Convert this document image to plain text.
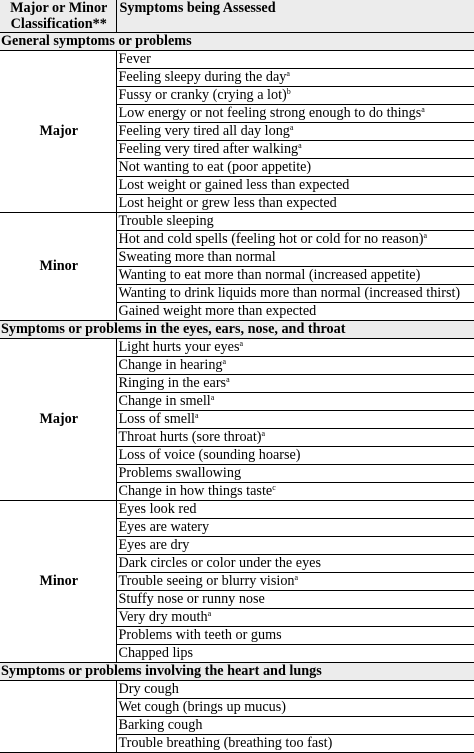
Major or Minor
Classification**	Symptoms being Assessed
General symptoms or problems	
Major	Fever
	Feeling sleepy during the day$^a$
	Fussy or cranky (crying a lot)$^b$
	Low energy or not feeling strong enough to do things$^a$
	Feeling very tired all day long$^a$
	Feeling very tired after walking$^a$
	Not wanting to eat (poor appetite)
	Lost weight or gained less than expected
	Lost height or grew less than expected
Minor	Trouble sleeping
	Hot and cold spells (feeling hot or cold for no reason)$^a$
	Sweating more than normal
	Wanting to eat more than normal (increased appetite)
	Wanting to drink liquids more than normal (increased thirst)
	Gained weight more than expected
Symptoms or problems in the eyes, ears, nose, and throat	
Major	Light hurts your eyes$^a$
	Change in hearing$^a$
	Ringing in the ears$^a$
	Change in smell$^a$
	Loss of smell$^a$
	Throat hurts (sore throat)$^a$
	Loss of voice (sounding hoarse)
	Problems swallowing
	Change in how things taste$^c$
Minor	Eyes look red
	Eyes are watery
	Eyes are dry
	Dark circles or color under the eyes
	Trouble seeing or blurry vision$^a$
	Stuffy nose or runny nose
	Very dry mouth$^a$
	Problems with teeth or gums
	Chapped lips
Symptoms or problems involving the heart and lungs	
	Dry cough
	Wet cough (brings up mucus)
	Barking cough
	Trouble breathing (breathing too fast)
